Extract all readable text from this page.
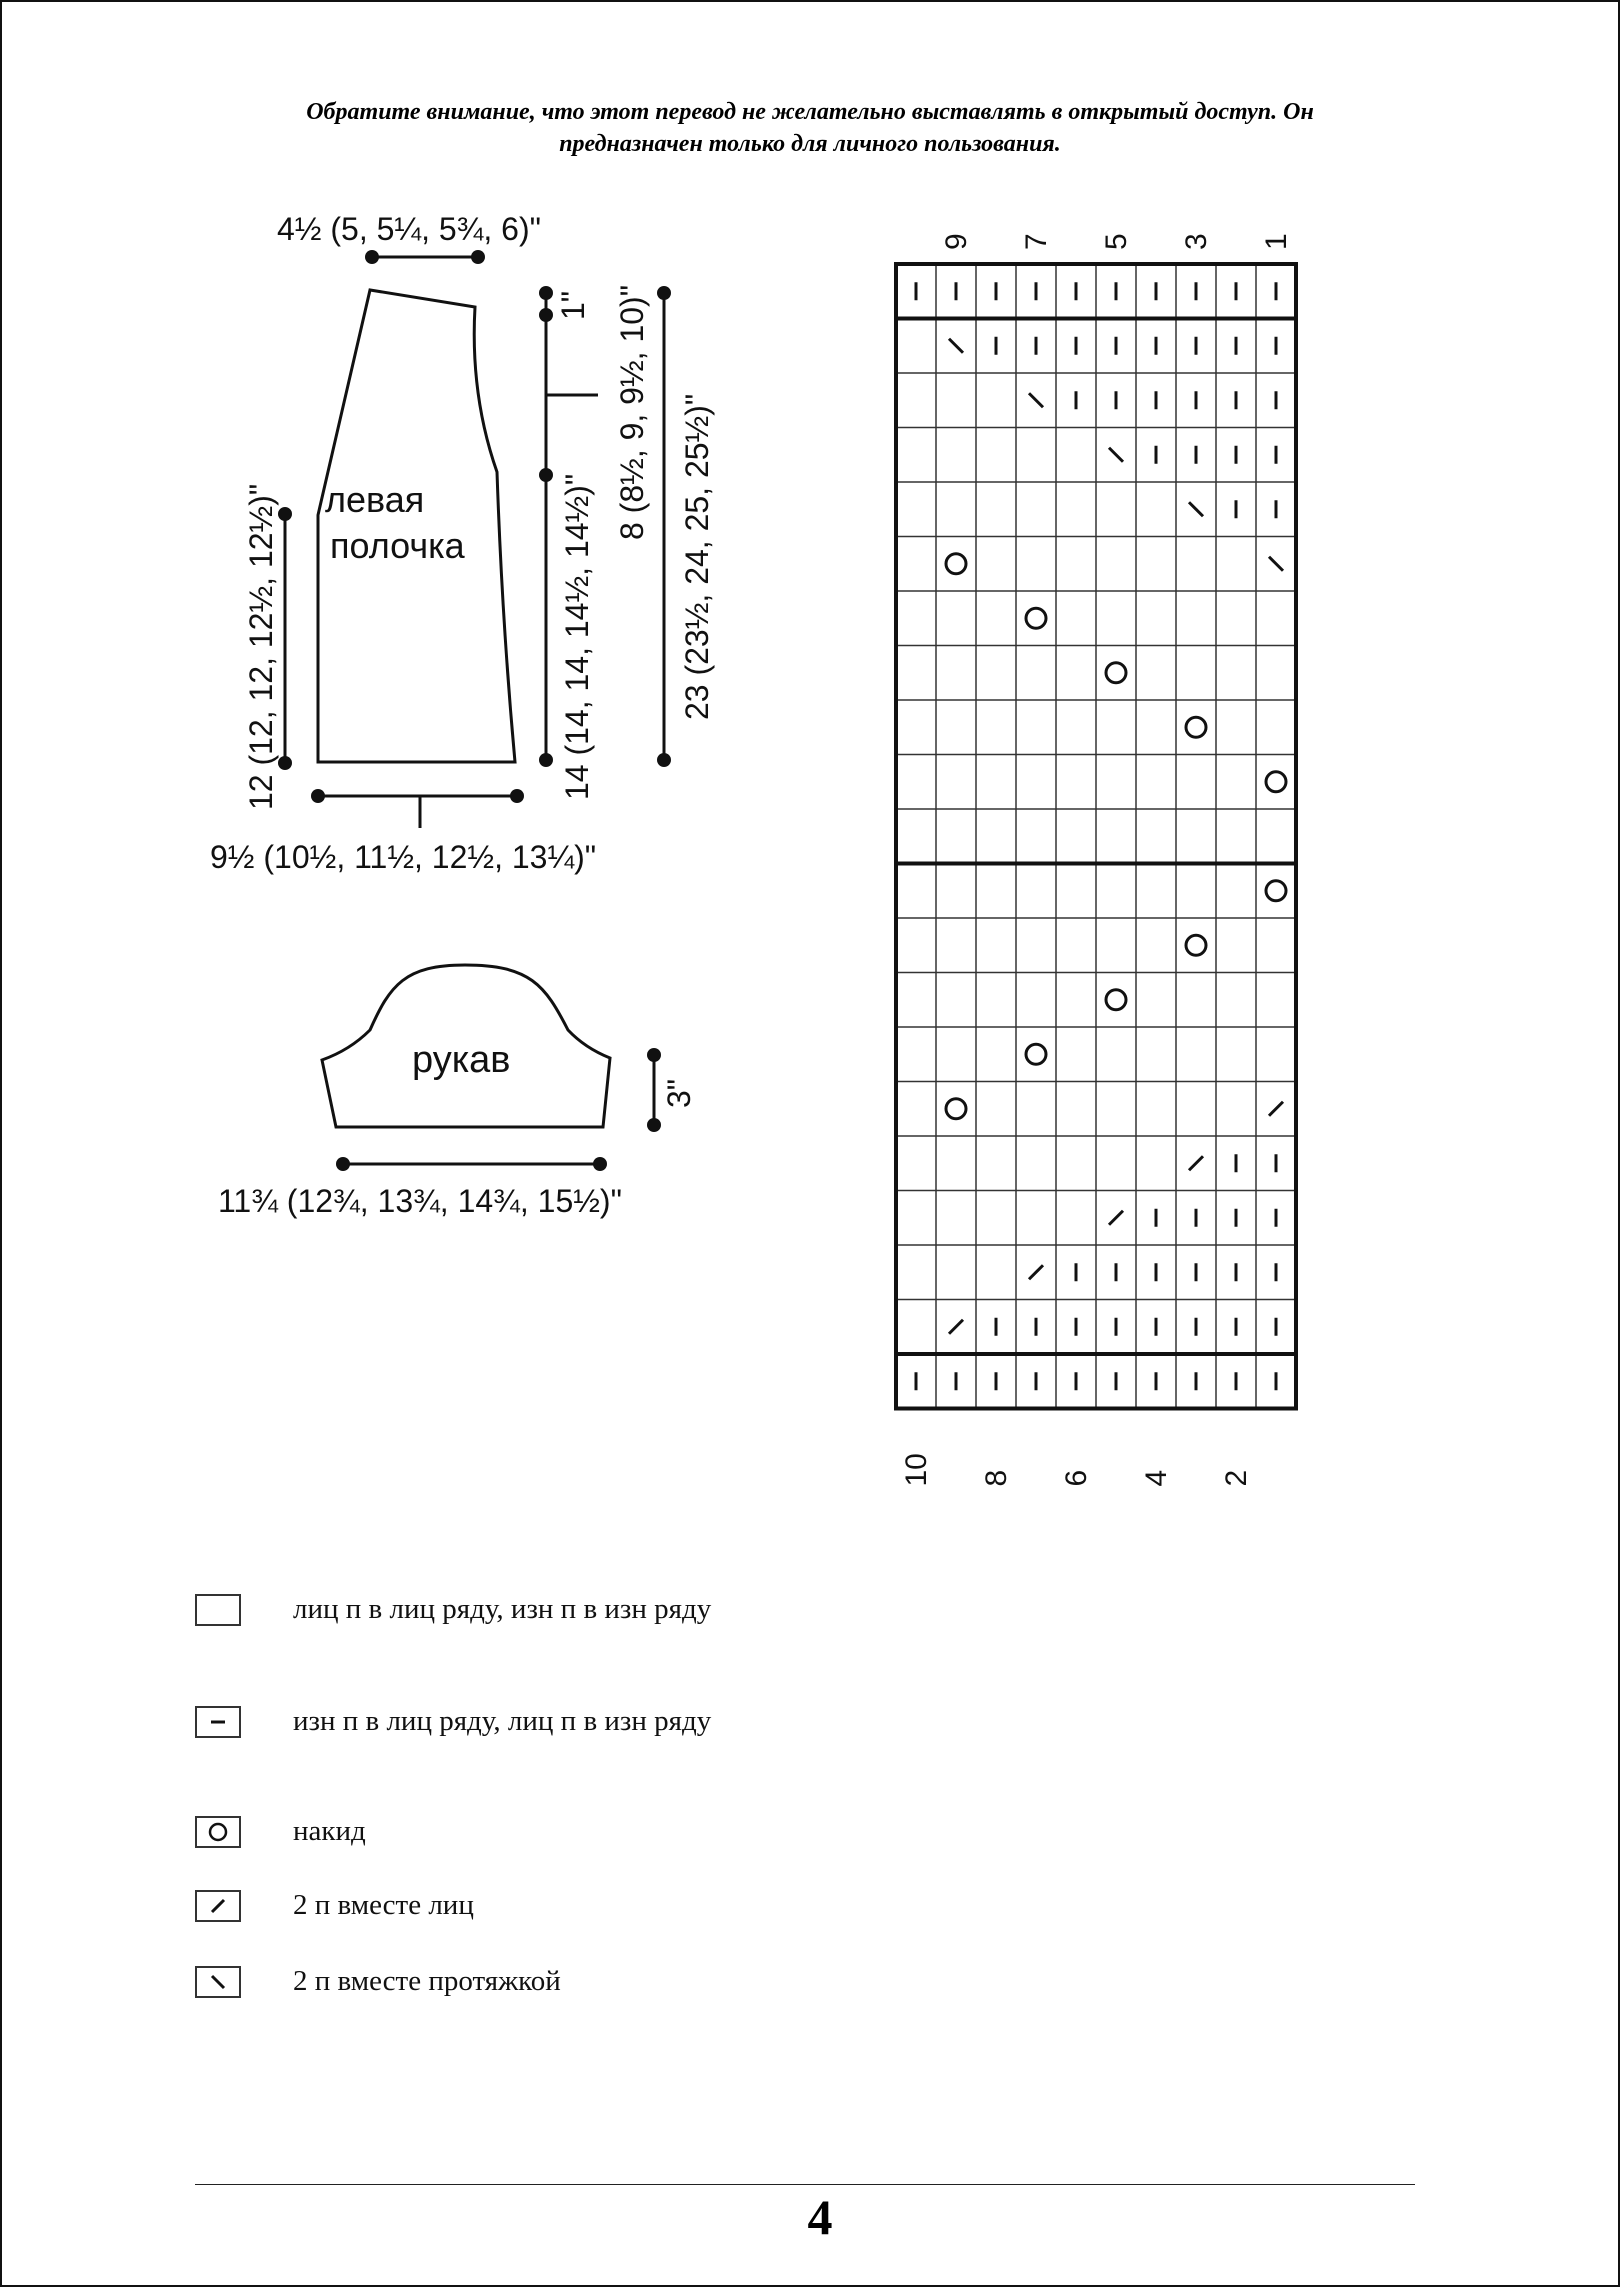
Обратите внимание, что этот перевод не желательно выставлять в открытый доступ. Он
предназначен только для личного пользования.
левая
полочка
рукав
4½ (5, 5¼, 5¾, 6)"
9½ (10½, 11½, 12½, 13¼)"
11¾ (12¾, 13¾, 14¾, 15½)"
12 (12, 12, 12½, 12½)"
1"
14 (14, 14, 14½, 14½)"
8 (8½, 9, 9½, 10)" 23 (23½, 24, 25, 25½)"
3"
9 7 5 3 1
10 8 6 4 2
лиц п в лиц ряду, изн п в изн ряду
изн п в лиц ряду, лиц п в изн ряду
накид
2 п вместе лиц
2 п вместе протяжкой
4
